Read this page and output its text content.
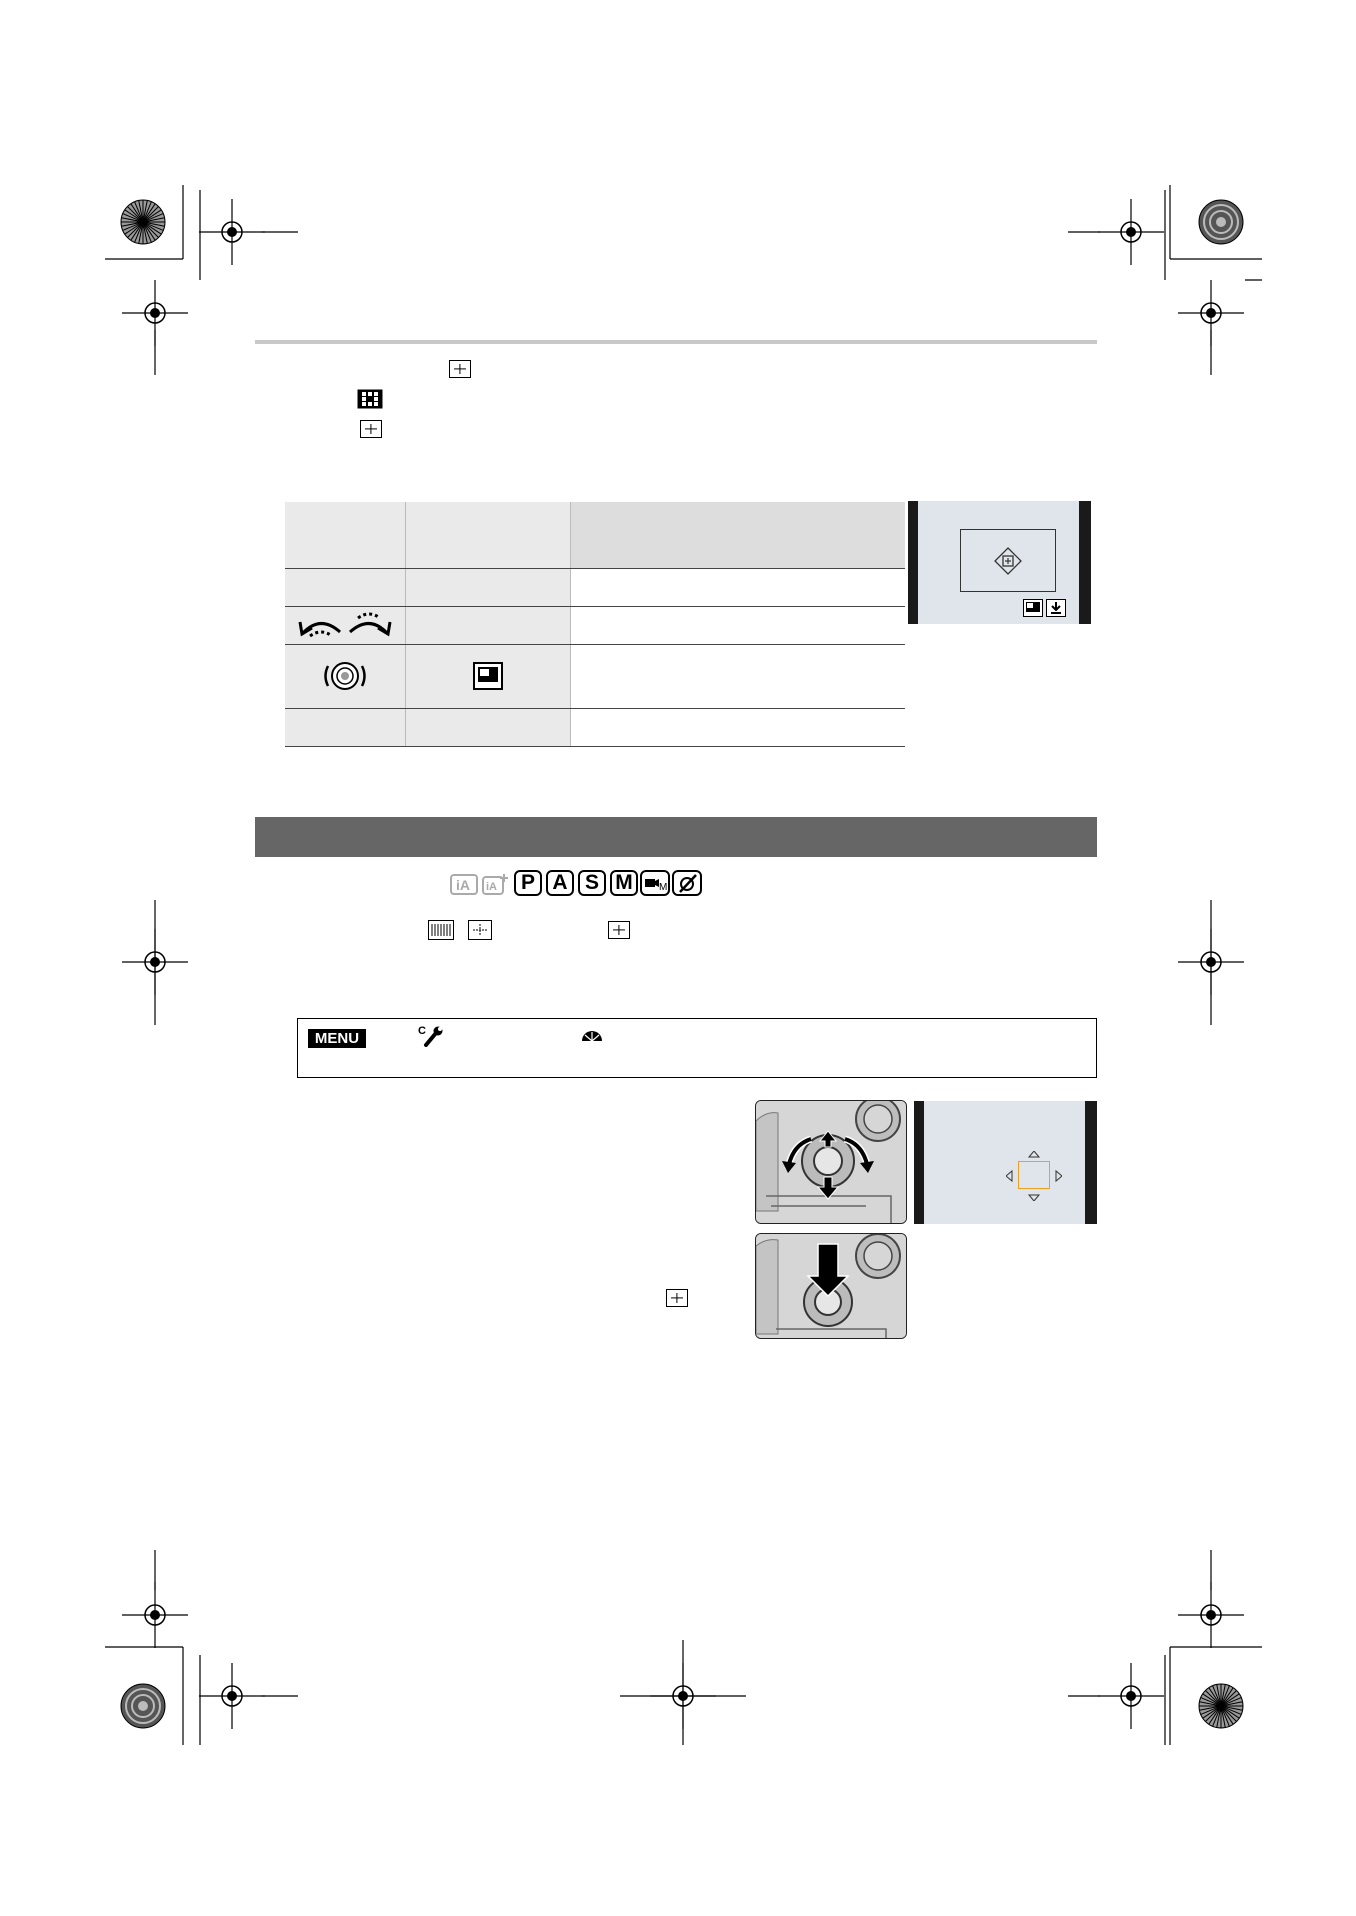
iA iA	P A S M	M
MENU	C
